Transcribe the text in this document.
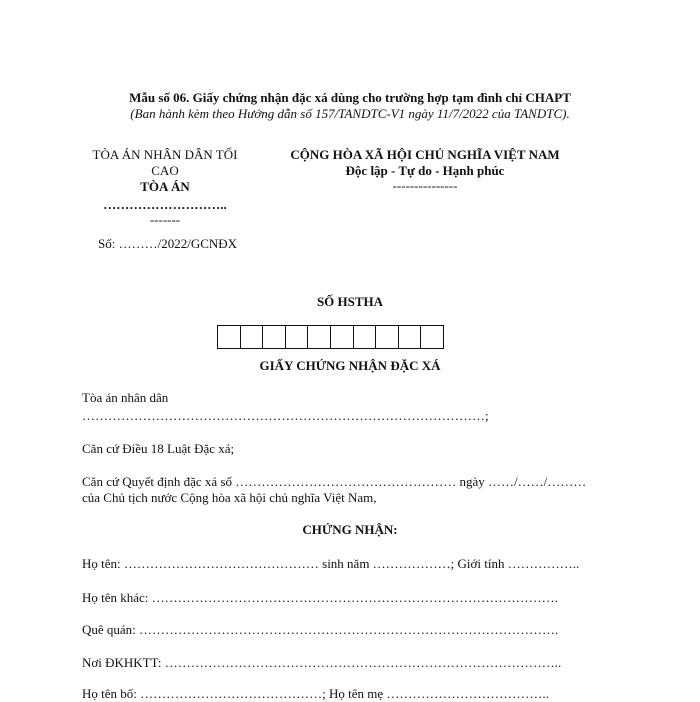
Mẫu số 06. Giấy chứng nhận đặc xá dùng cho trường hợp tạm đình chỉ CHAPT
(Ban hành kèm theo Hướng dẫn số 157/TANDTC-V1 ngày 11/7/2022 của TANDTC).
TÒA ÁN NHÂN DÂN TỐI
CAO
TÒA ÁN
………………………..
-------
Số: ………/2022/GCNĐX
CỘNG HÒA XÃ HỘI CHỦ NGHĨA VIỆT NAM
Độc lập - Tự do - Hạnh phúc
---------------
SỐ HSTHA
GIẤY CHỨNG NHẬN ĐẶC XÁ
Tòa án nhân dân
…………………………………………………………………………………;
Căn cứ Điều 18 Luật Đặc xá;
Căn cứ Quyết định đặc xá số …………………………………………… ngày ……/……/………
của Chủ tịch nước Cộng hòa xã hội chủ nghĩa Việt Nam,
CHỨNG NHẬN:
Họ tên: ……………………………………… sinh năm ………………; Giới tính ……………..
Họ tên khác: ………………………………………………………………………………….
Quê quán: …………………………………………………………………………………….
Nơi ĐKHKTT: ………………………………………………………………………………..
Họ tên bố: ……………………………………; Họ tên mẹ ………………………………..
